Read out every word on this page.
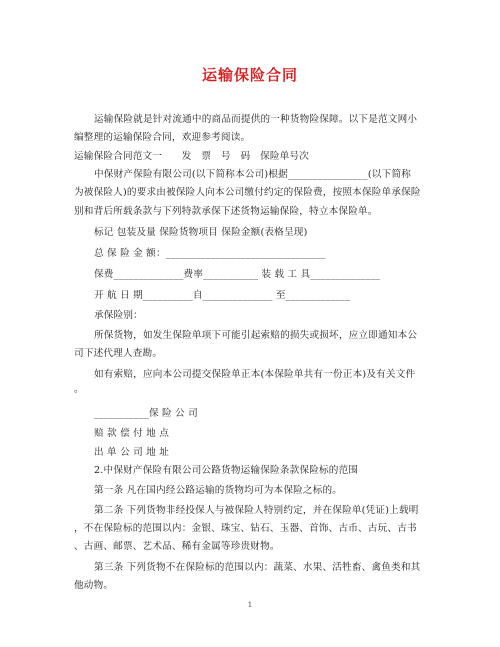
运输保险合同
运输保险就是针对流通中的商品而提供的一种货物险保障。以下是范文网小
编整理的运输保险合同，欢迎参考阅读。
运输保险合同范文一　　发　票　号　码　保险单号次
中保财产保险有限公司(以下简称本公司)根据________________(以下简称
为被保险人)的要求由被保险人向本公司缴付约定的保险费，按照本保险单承保险
别和背后所载条款与下列特款承保下述货物运输保险，特立本保险单。
标记 包装及量 保险货物项目 保险金额(表格呈现)
总 保 险 金 额：________________________________
保费______________费率___________ 装 载 工 具______________
开 航 日 期__________自______________ 至_____________
承保险别：
所保货物，如发生保险单项下可能引起索赔的损失或损坏，应立即通知本公
司下述代理人查勘。
如有索赔，应向本公司提交保险单正本(本保险单共有一份正本)及有关文件
。
___________保 险 公 司
赔 款 偿 付 地 点
出 单 公 司 地 址
2.中保财产保险有限公司公路货物运输保险条款保险标的范围
第一条 凡在国内经公路运输的货物均可为本保险之标的。
第二条 下列货物非经投保人与被保险人特别约定，并在保险单(凭证)上载明
，不在保险标的范围以内：金银、珠宝、钻石、玉器、首饰、古币、古玩、古书
、古画、邮票、艺术品、稀有金属等珍贵财物。
第三条 下列货物不在保险标的范围以内：蔬菜、水果、活牲畜、禽鱼类和其
他动物。
1
